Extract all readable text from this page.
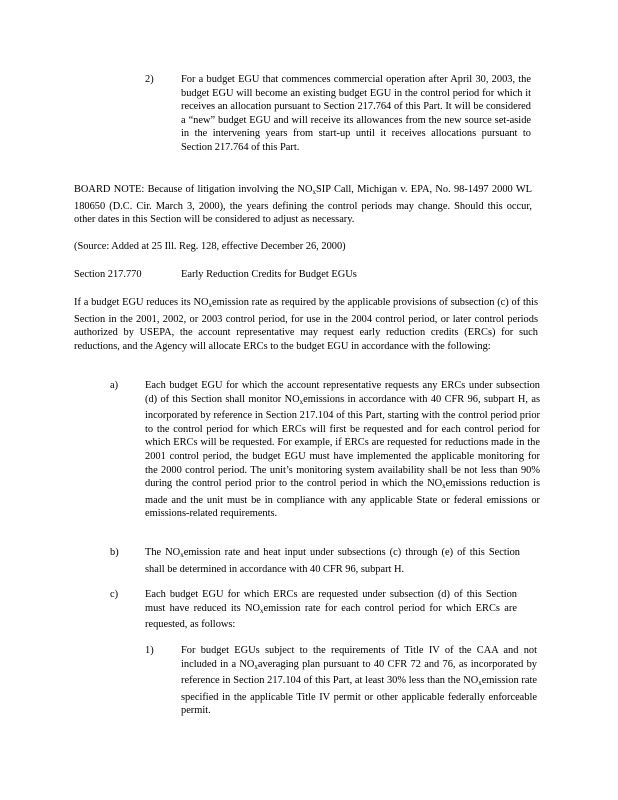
2)	For a budget EGU that commences commercial operation after April 30, 2003, the budget EGU will become an existing budget EGU in the control period for which it receives an allocation pursuant to Section 217.764 of this Part. It will be considered a “new” budget EGU and will receive its allowances from the new source set-aside in the intervening years from start-up until it receives allocations pursuant to Section 217.764 of this Part.

BOARD NOTE: Because of litigation involving the $NO_xSIP$ Call, Michigan v. EPA, No. 98-1497 2000 WL 180650 (D.C. Cir. March 3, 2000), the years defining the control periods may change. Should this occur, other dates in this Section will be considered to adjust as necessary.

(Source: Added at 25 Ill. Reg. 128, effective December 26, 2000)

Section 217.770	Early Reduction Credits for Budget EGUs

If a budget EGU reduces its $NO_xemission$ rate as required by the applicable provisions of subsection (c) of this Section in the 2001, 2002, or 2003 control period, for use in the 2004 control period, or later control periods authorized by USEPA, the account representative may request early reduction credits (ERCs) for such reductions, and the Agency will allocate ERCs to the budget EGU in accordance with the following:

a)	Each budget EGU for which the account representative requests any ERCs under subsection (d) of this Section shall monitor $NO_xemissions$ in accordance with 40 CFR 96, subpart H, as incorporated by reference in Section 217.104 of this Part, starting with the control period prior to the control period for which ERCs will first be requested and for each control period for which ERCs will be requested. For example, if ERCs are requested for reductions made in the 2001 control period, the budget EGU must have implemented the applicable monitoring for the 2000 control period. The unit’s monitoring system availability shall be not less than 90% during the control period prior to the control period in which the $NO_xemissions$ reduction is made and the unit must be in compliance with any applicable State or federal emissions or emissions-related requirements.

b)	The $NO_xemission$ rate and heat input under subsections (c) through (e) of this Section shall be determined in accordance with 40 CFR 96, subpart H.

c)	Each budget EGU for which ERCs are requested under subsection (d) of this Section must have reduced its $NO_xemission$ rate for each control period for which ERCs are requested, as follows:

1)	For budget EGUs subject to the requirements of Title IV of the CAA and not included in a $NO_xaveraging$ plan pursuant to 40 CFR 72 and 76, as incorporated by reference in Section 217.104 of this Part, at least 30% less than the $NO_xemission$ rate specified in the applicable Title IV permit or other applicable federally enforceable permit.
